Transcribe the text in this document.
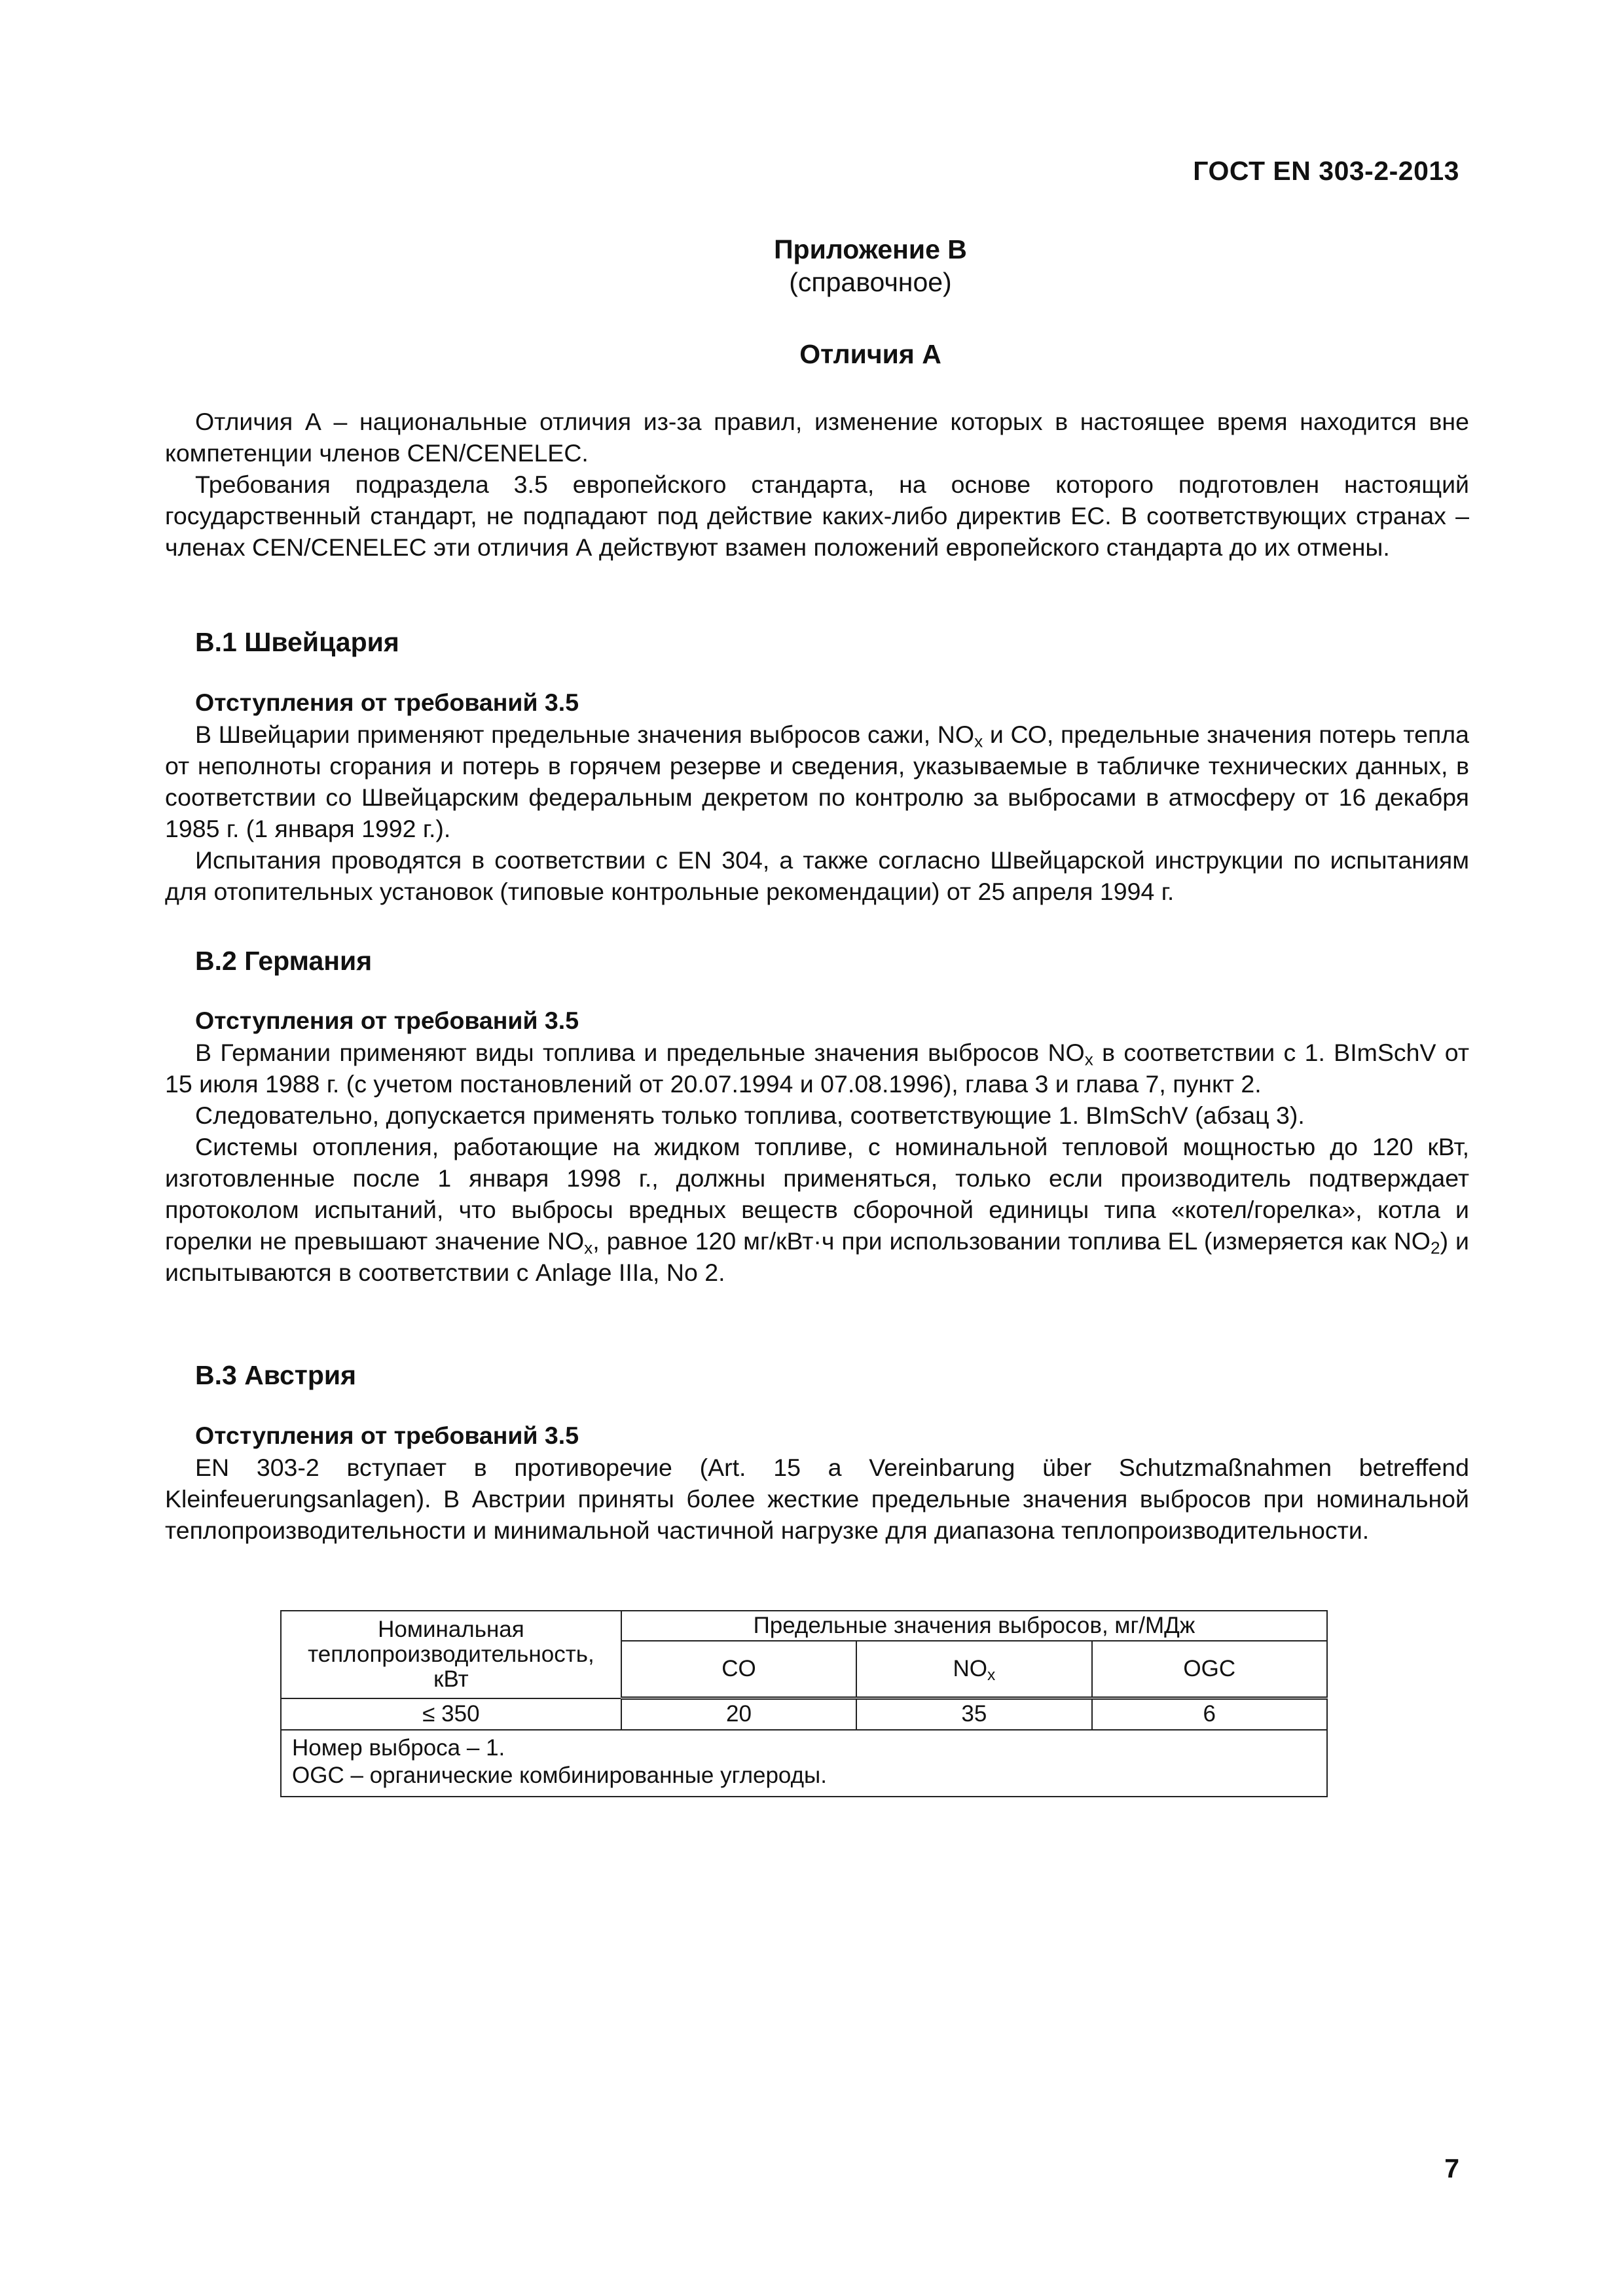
ГОСТ EN 303-2-2013
Приложение В
(справочное)
Отличия А

Отличия А – национальные отличия из-за правил, изменение которых в настоящее время находится вне компетенции членов CEN/CENELEC.

Требования подраздела 3.5 европейского стандарта, на основе которого подготовлен настоящий государственный стандарт, не подпадают под действие каких-либо директив ЕС. В соответствующих странах – членах CEN/CENELEC эти отличия А действуют взамен положений европейского стандарта до их отмены.

В.1 Швейцария
Отступления от требований 3.5

В Швейцарии применяют предельные значения выбросов сажи, $NO_x$ и СО, предельные значения потерь тепла от неполноты сгорания и потерь в горячем резерве и сведения, указываемые в табличке технических данных, в соответствии со Швейцарским федеральным декретом по контролю за выбросами в атмосферу от 16 декабря 1985 г. (1 января 1992 г.).

Испытания проводятся в соответствии с EN 304, а также согласно Швейцарской инструкции по испытаниям для отопительных установок (типовые контрольные рекомендации) от 25 апреля 1994 г.

В.2 Германия
Отступления от требований 3.5

В Германии применяют виды топлива и предельные значения выбросов $NO_x$ в соответствии с 1. BImSchV от 15 июля 1988 г. (с учетом постановлений от 20.07.1994 и 07.08.1996), глава 3 и глава 7, пункт 2.

Следовательно, допускается применять только топлива, соответствующие 1. BImSchV (абзац 3).

Системы отопления, работающие на жидком топливе, с номинальной тепловой мощностью до 120 кВт, изготовленные после 1 января 1998 г., должны применяться, только если производитель подтверждает протоколом испытаний, что выбросы вредных веществ сборочной единицы типа «котел/горелка», котла и горелки не превышают значение $NO_x$, равное 120 мг/кВт·ч при использовании топлива EL (измеряется как $NO_2$) и испытываются в соответствии с Anlage IIIa, No 2.

В.3 Австрия
Отступления от требований 3.5

EN 303-2 вступает в противоречие (Art. 15 a Vereinbarung über Schutzmaßnahmen betreffend Kleinfeuerungsanlagen). В Австрии приняты более жесткие предельные значения выбросов при номинальной теплопроизводительности и минимальной частичной нагрузке для диапазона теплопроизводительности.

Номинальная
теплопроизводительность,
кВт	Предельные значения выбросов, мг/МДж		
	CO	$NO_x$	OGC
≤ 350	20	35	6

Номер выброса – 1.
OGC – органические комбинированные углероды.			
7
